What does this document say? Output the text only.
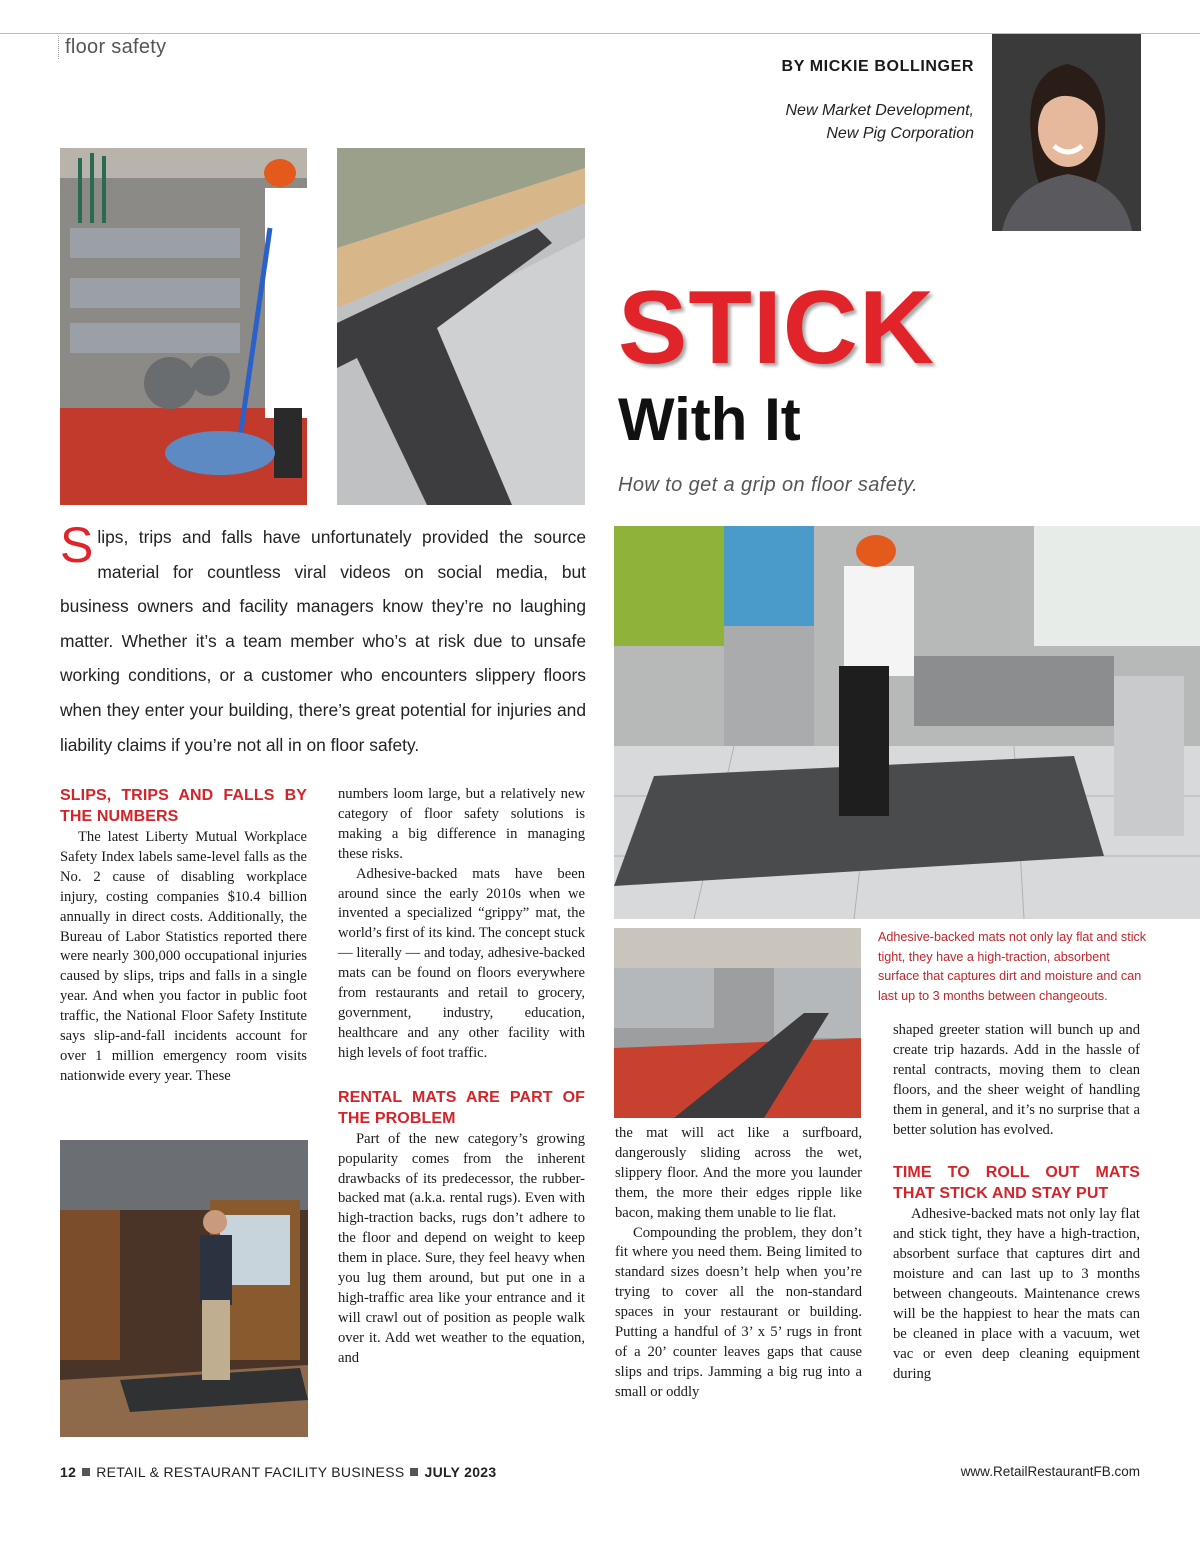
floor safety
BY MICKIE BOLLINGER
New Market Development,
New Pig Corporation
STICK
With It
How to get a grip on floor safety.
S lips, trips and falls have unfortunately provided the source material for countless viral videos on social media, but business owners and facility managers know they’re no laughing matter. Whether it’s a team member who’s at risk due to unsafe working conditions, or a customer who encounters slippery floors when they enter your building, there’s great potential for injuries and liability claims if you’re not all in on floor safety.
SLIPS, TRIPS AND FALLS BY THE NUMBERS

The latest Liberty Mutual Workplace Safety Index labels same-level falls as the No. 2 cause of disabling workplace injury, costing companies $10.4 billion annually in direct costs. Additionally, the Bureau of Labor Statistics reported there were nearly 300,000 occupational injuries caused by slips, trips and falls in a single year. And when you factor in public foot traffic, the National Floor Safety Institute says slip-and-fall incidents account for over 1 million emergency room visits nationwide every year. These

numbers loom large, but a relatively new category of floor safety solutions is making a big difference in managing these risks.

Adhesive-backed mats have been around since the early 2010s when we invented a specialized “grippy” mat, the world’s first of its kind. The concept stuck — literally — and today, adhesive-backed mats can be found on floors everywhere from restaurants and retail to grocery, government, industry, education, healthcare and any other facility with high levels of foot traffic.

RENTAL MATS ARE PART OF THE PROBLEM

Part of the new category’s growing popularity comes from the inherent drawbacks of its predecessor, the rubber-backed mat (a.k.a. rental rugs). Even with high-traction backs, rugs don’t adhere to the floor and depend on weight to keep them in place. Sure, they feel heavy when you lug them around, but put one in a high-traffic area like your entrance and it will crawl out of position as people walk over it. Add wet weather to the equation, and

the mat will act like a surfboard, dangerously sliding across the wet, slippery floor. And the more you launder them, the more their edges ripple like bacon, making them unable to lie flat.

Compounding the problem, they don’t fit where you need them. Being limited to standard sizes doesn’t help when you’re trying to cover all the non-standard spaces in your restaurant or building. Putting a handful of 3’ x 5’ rugs in front of a 20’ counter leaves gaps that cause slips and trips. Jamming a big rug into a small or oddly

Adhesive-backed mats not only lay flat and stick tight, they have a high-traction, absorbent surface that captures dirt and moisture and can last up to 3 months between changeouts.

shaped greeter station will bunch up and create trip hazards. Add in the hassle of rental contracts, moving them to clean floors, and the sheer weight of handling them in general, and it’s no surprise that a better solution has evolved.

TIME TO ROLL OUT MATS THAT STICK AND STAY PUT

Adhesive-backed mats not only lay flat and stick tight, they have a high-traction, absorbent surface that captures dirt and moisture and can last up to 3 months between changeouts. Maintenance crews will be the happiest to hear the mats can be cleaned in place with a vacuum, wet vac or even deep cleaning equipment during

12 RETAIL & RESTAURANT FACILITY BUSINESS JULY 2023	www.RetailRestaurantFB.com
